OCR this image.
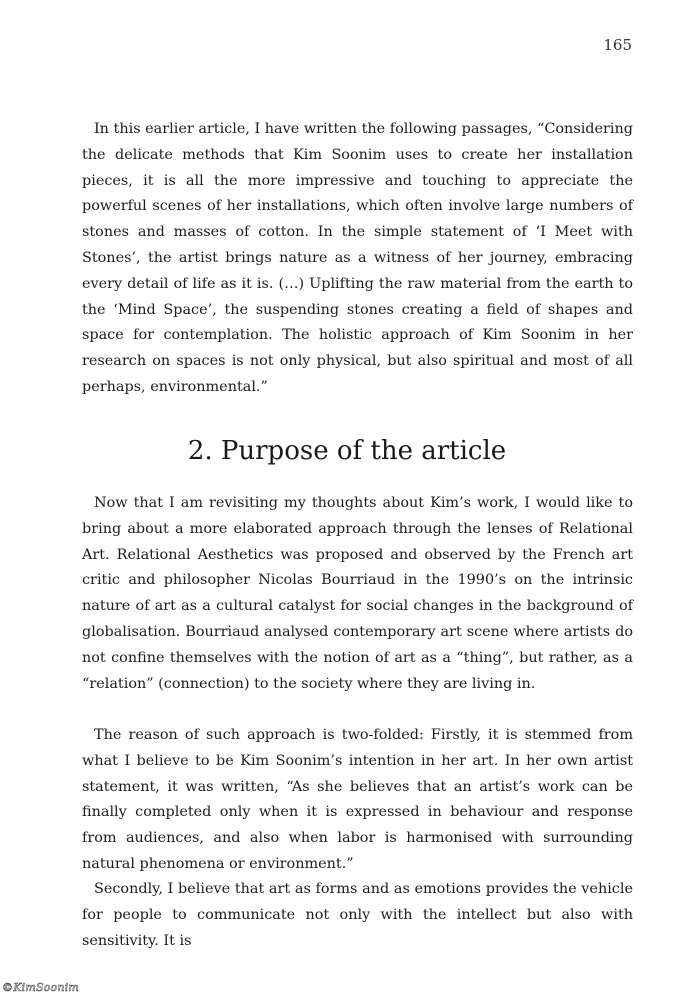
165

In this earlier article, I have written the following passages, “Considering the delicate methods that Kim Soonim uses to create her installation pieces, it is all the more impressive and touching to appreciate the powerful scenes of her installations, which often involve large numbers of stones and masses of cotton. In the simple statement of ‘I Meet with Stones’, the artist brings nature as a witness of her journey, embracing every detail of life as it is. (…) Uplifting the raw material from the earth to the ‘Mind Space’, the suspending stones creating a field of shapes and space for contemplation. The holistic approach of Kim Soonim in her research on spaces is not only physical, but also spiritual and most of all perhaps, environmental.”

2. Purpose of the article

Now that I am revisiting my thoughts about Kim’s work, I would like to bring about a more elaborated approach through the lenses of Relational Art. Relational Aesthetics was proposed and observed by the French art critic and philosopher Nicolas Bourriaud in the 1990’s on the intrinsic nature of art as a cultural catalyst for social changes in the background of globalisation. Bourriaud analysed contemporary art scene where artists do not confine themselves with the notion of art as a “thing”, but rather, as a “relation” (connection) to the society where they are living in.

The reason of such approach is two-folded: Firstly, it is stemmed from what I believe to be Kim Soonim’s intention in her art. In her own artist statement, it was written, “As she believes that an artist’s work can be finally completed only when it is expressed in behaviour and response from audiences, and also when labor is harmonised with surrounding natural phenomena or environment.”

Secondly, I believe that art as forms and as emotions provides the vehicle for people to communicate not only with the intellect but also with sensitivity. It is

©KimSoonim
